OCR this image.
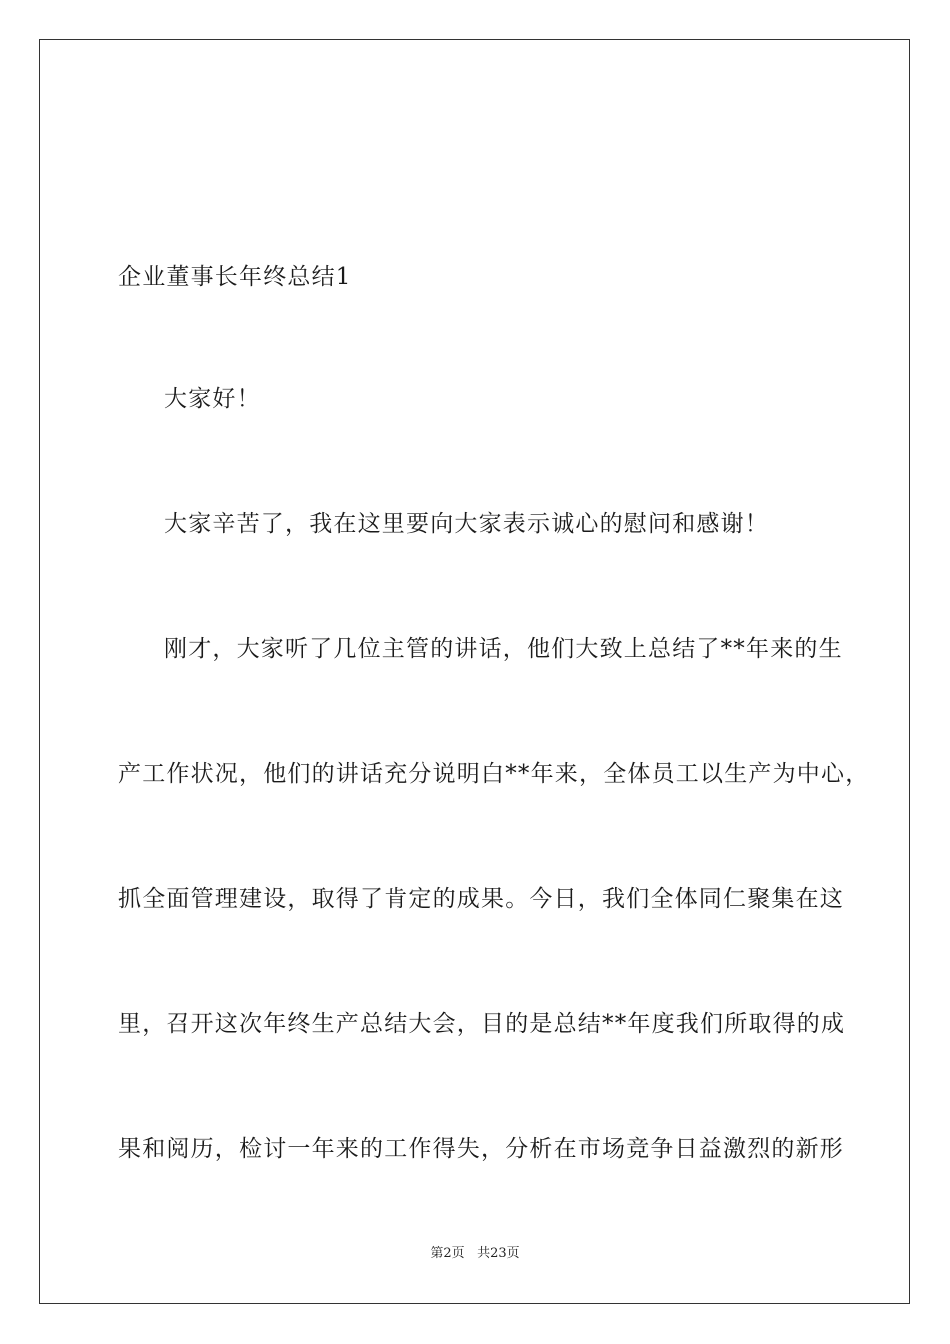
企业董事长年终总结1
大家好！
大家辛苦了，我在这里要向大家表示诚心的慰问和感谢！
刚才，大家听了几位主管的讲话，他们大致上总结了**年来的生
产工作状况，他们的讲话充分说明白**年来，全体员工以生产为中心，
抓全面管理建设，取得了肯定的成果。今日，我们全体同仁聚集在这
里，召开这次年终生产总结大会，目的是总结**年度我们所取得的成
果和阅历，检讨一年来的工作得失，分析在市场竞争日益激烈的新形
第2页 共23页
